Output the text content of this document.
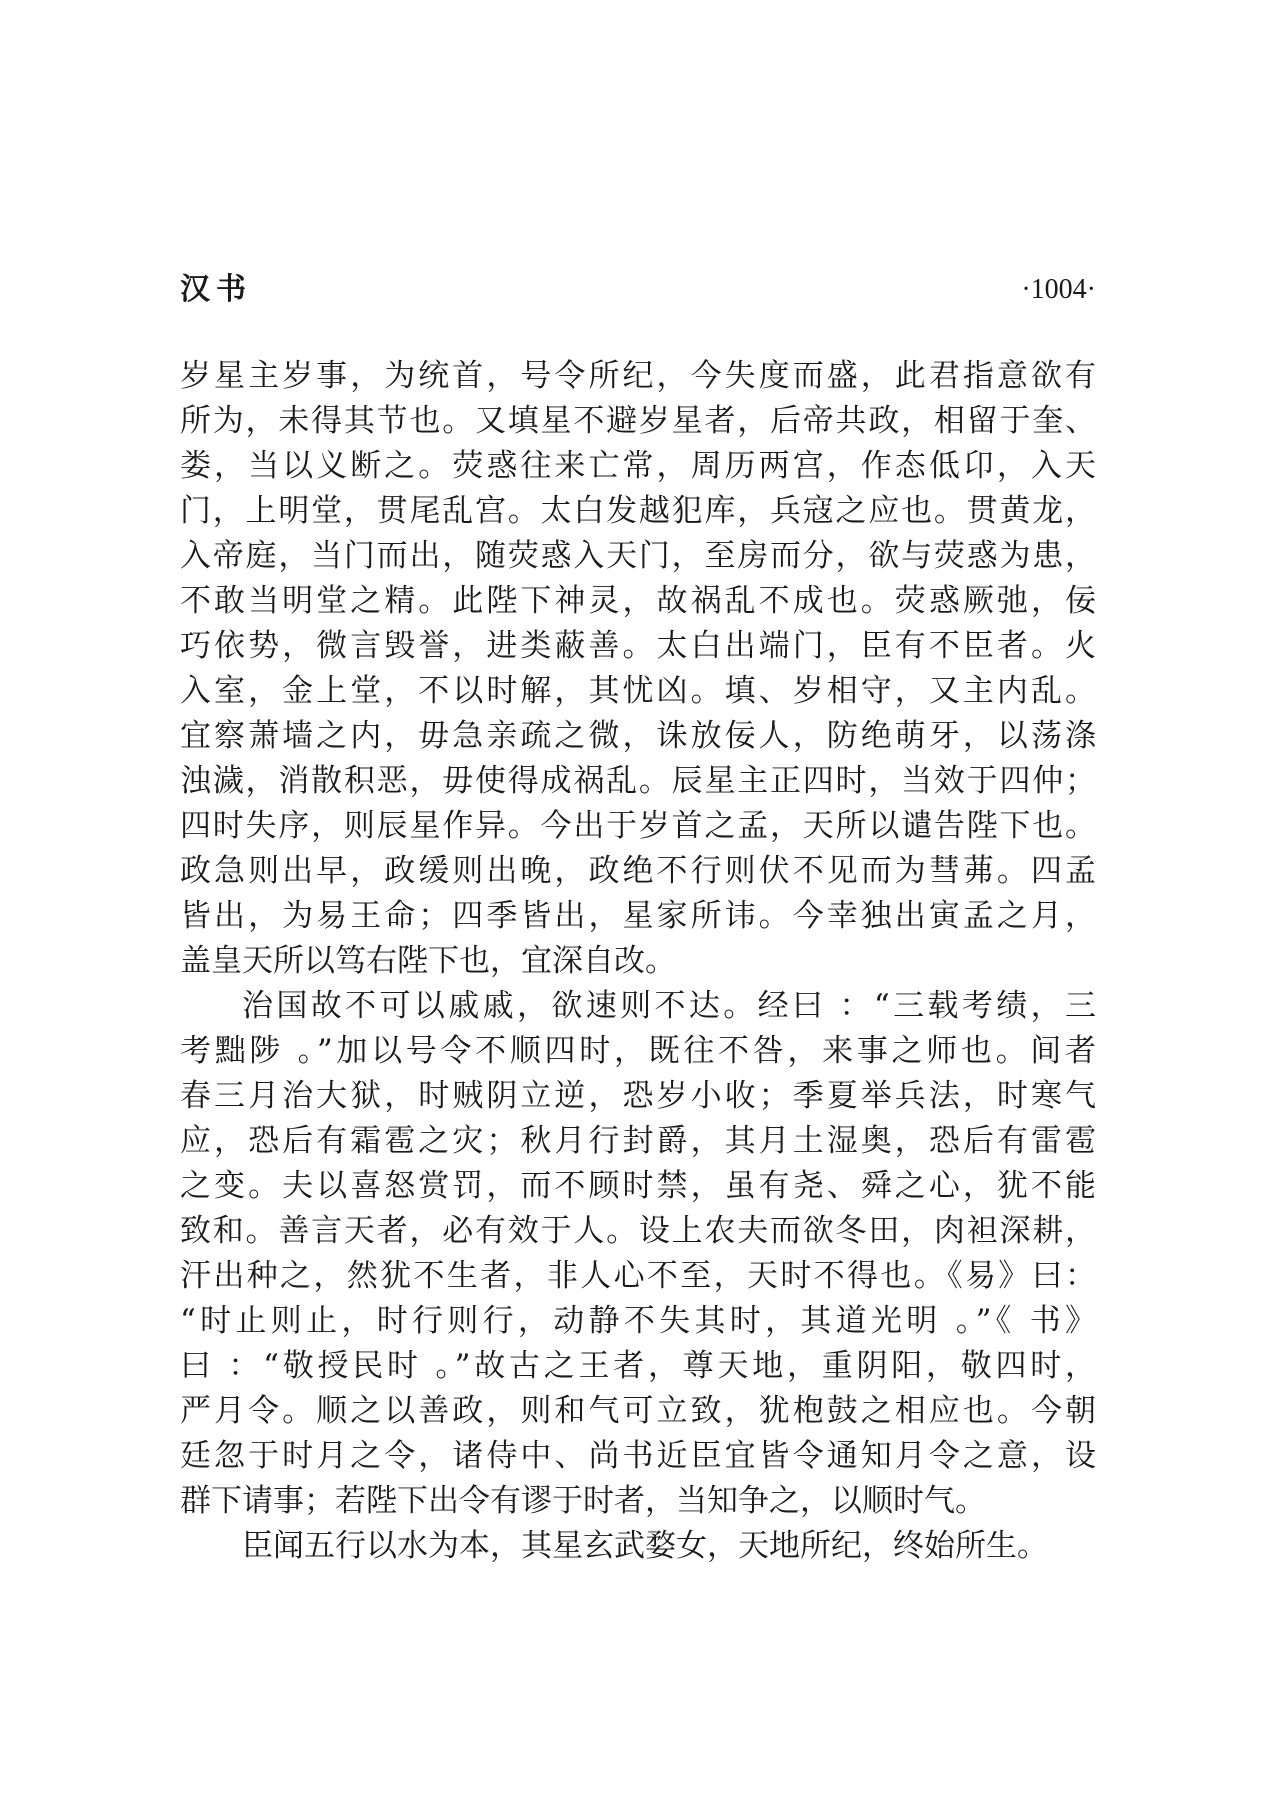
汉书	·1004·
岁星主岁事，为统首，号令所纪，今失度而盛，此君指意欲有
所为，未得其节也。又填星不避岁星者，后帝共政，相留于奎、
娄，当以义断之。荧惑往来亡常，周历两宫，作态低卬，入天
门，上明堂，贯尾乱宫。太白发越犯库，兵寇之应也。贯黄龙，
入帝庭，当门而出，随荧惑入天门，至房而分，欲与荧惑为患，
不敢当明堂之精。此陛下神灵，故祸乱不成也。荧惑厥弛，佞
巧依势，微言毁誉，进类蔽善。太白出端门，臣有不臣者。火
入室，金上堂，不以时解，其忧凶。填、岁相守，又主内乱。
宜察萧墙之内，毋急亲疏之微，诛放佞人，防绝萌牙，以荡涤
浊濊，消散积恶，毋使得成祸乱。辰星主正四时，当效于四仲；
四时失序，则辰星作异。今出于岁首之孟，天所以谴告陛下也。
政急则出早，政缓则出晚，政绝不行则伏不见而为彗茀。四孟
皆出，为易王命；四季皆出，星家所讳。今幸独出寅孟之月，
盖皇天所以笃右陛下也，宜深自改。
治国故不可以戚戚，欲速则不达。经曰 ：“三载考绩，三
考黜陟 。”加以号令不顺四时，既往不咎，来事之师也。间者
春三月治大狱，时贼阴立逆，恐岁小收；季夏举兵法，时寒气
应，恐后有霜雹之灾；秋月行封爵，其月土湿奥，恐后有雷雹
之变。夫以喜怒赏罚，而不顾时禁，虽有尧、舜之心，犹不能
致和。善言天者，必有效于人。设上农夫而欲冬田，肉袒深耕，
汗出种之，然犹不生者，非人心不至，天时不得也。《易》曰：
“时止则止，时行则行，动静不失其时，其道光明 。”《 书》
曰 ：“敬授民时 。”故古之王者，尊天地，重阴阳，敬四时，
严月令。顺之以善政，则和气可立致，犹枹鼓之相应也。今朝
廷忽于时月之令，诸侍中、尚书近臣宜皆令通知月令之意，设
群下请事；若陛下出令有谬于时者，当知争之，以顺时气。
臣闻五行以水为本，其星玄武婺女，天地所纪，终始所生。
